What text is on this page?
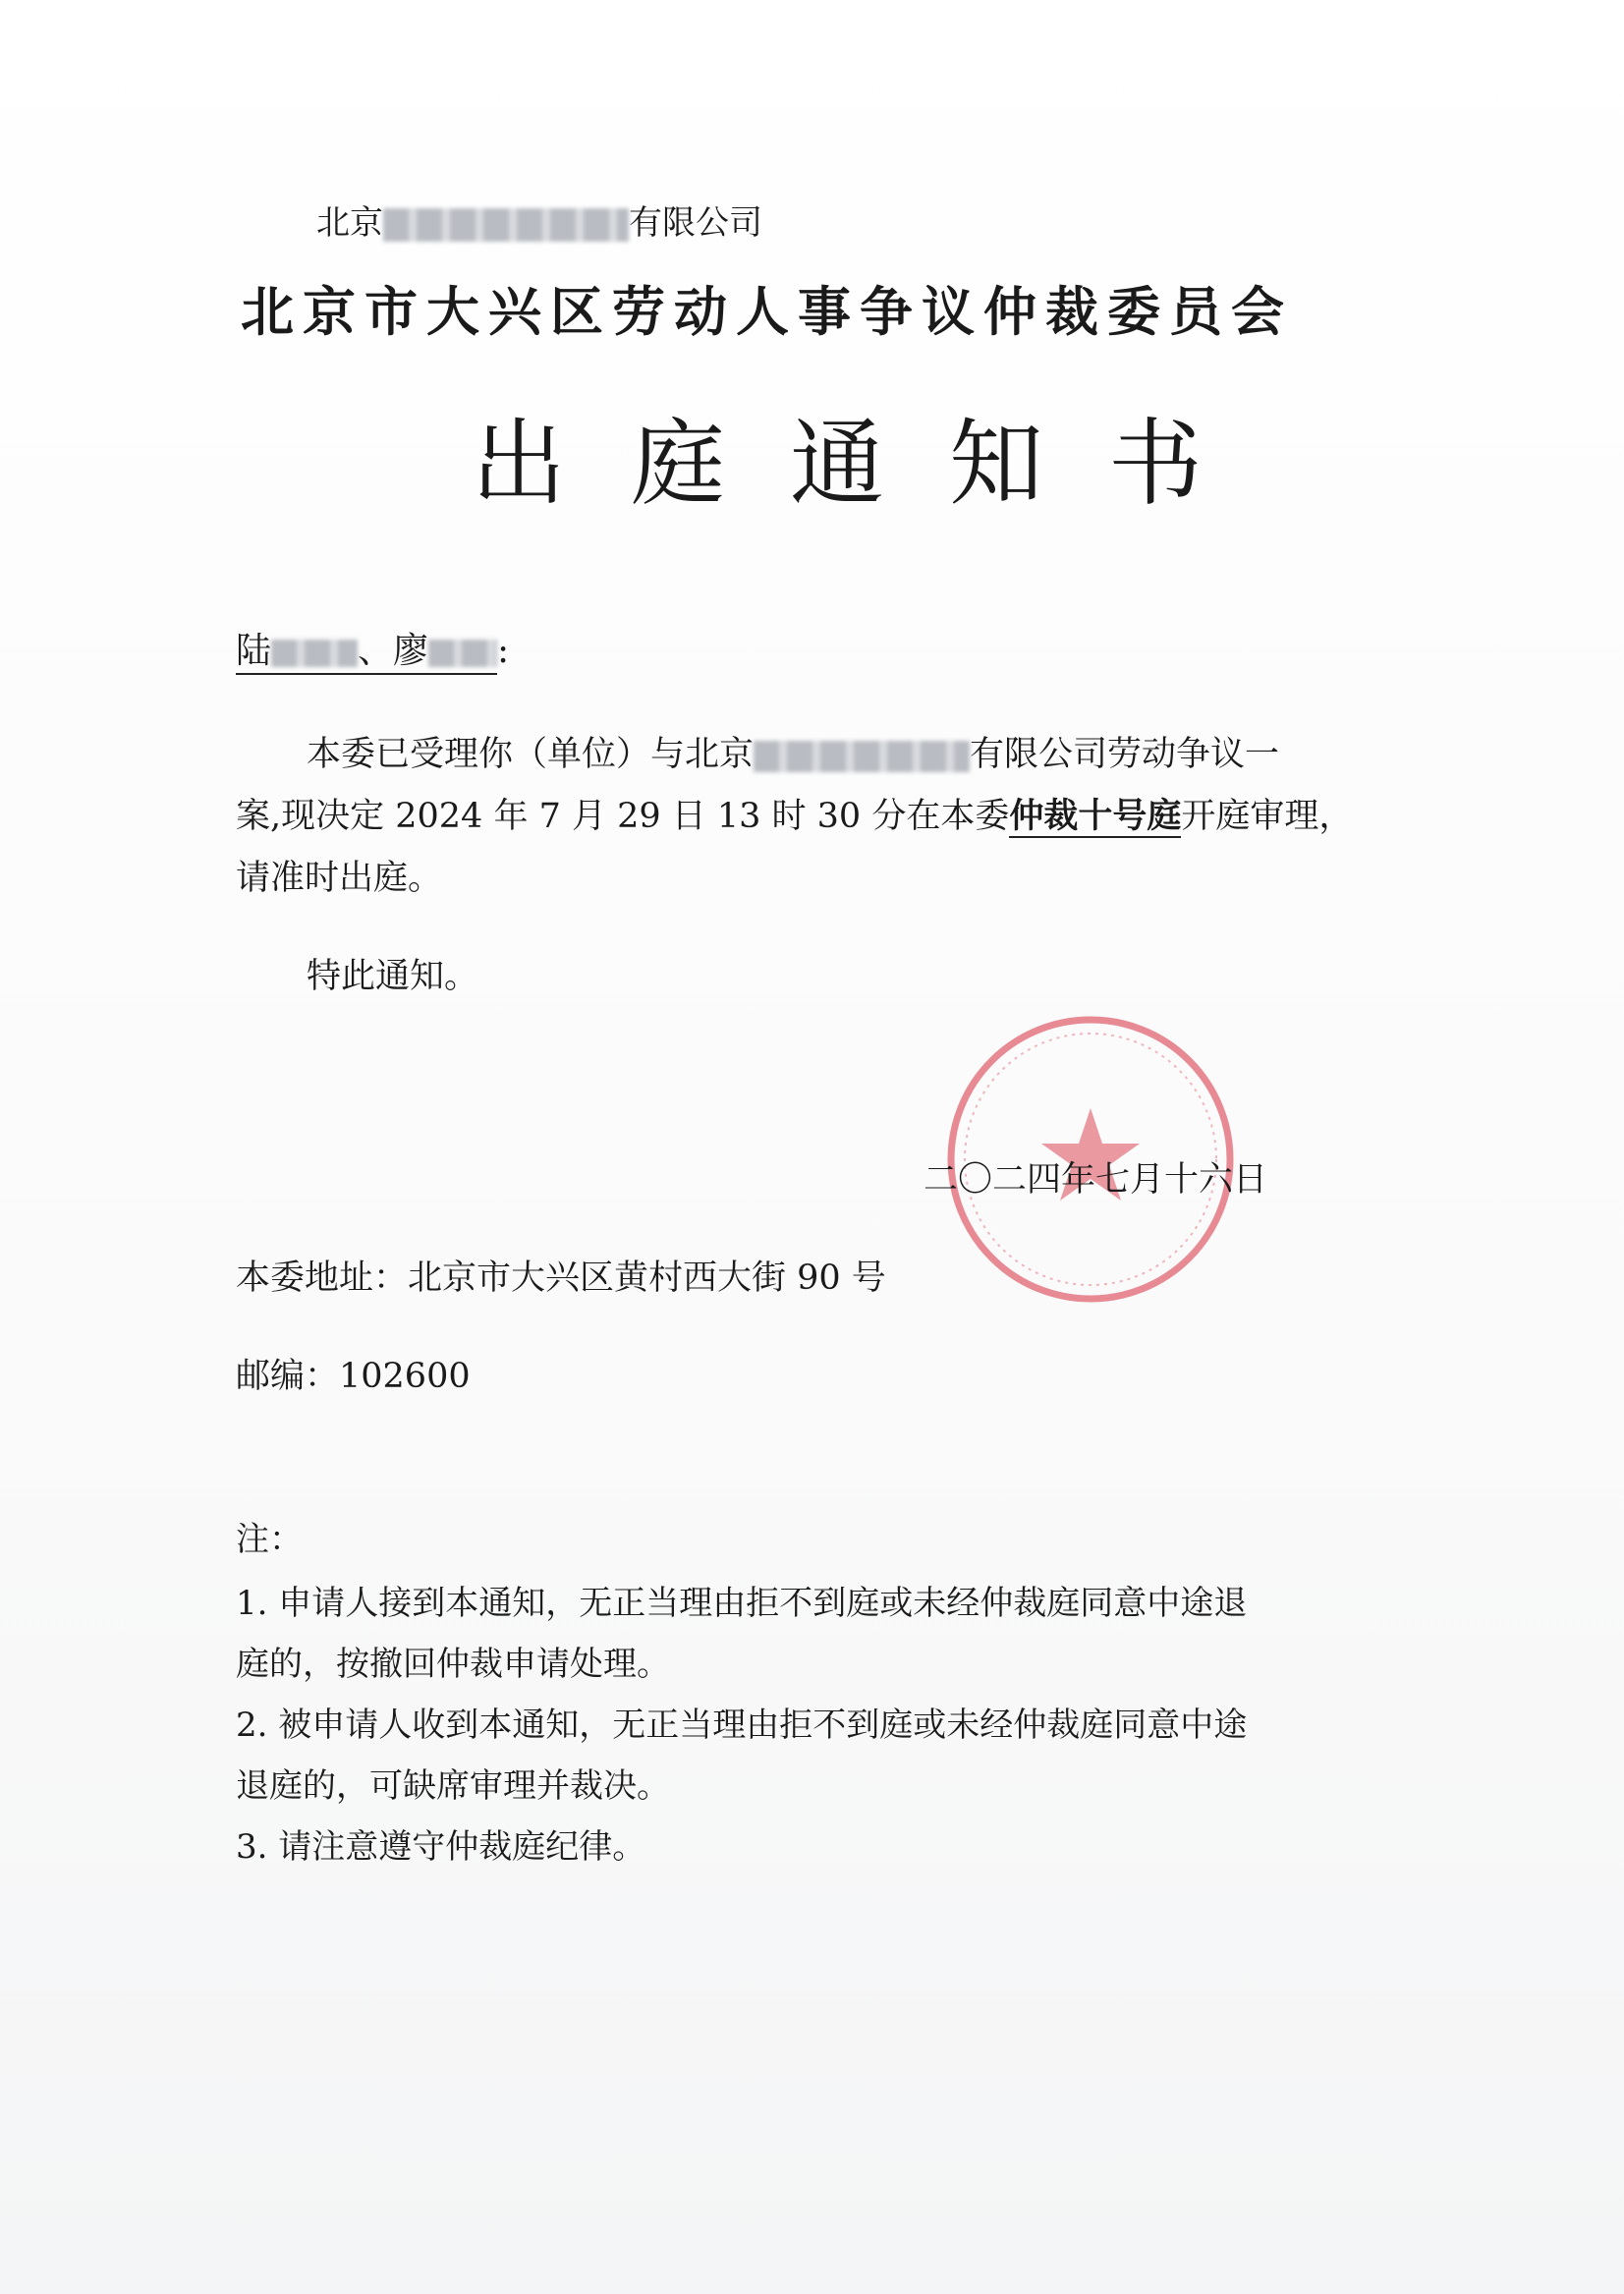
北京	有限公司
北京市大兴区劳动人事争议仲裁委员会
出庭通知书
陆 、廖 :
本委已受理你（单位）与北京	有限公司劳动争议一
案,现决定 2024 年 7 月 29 日 13 时 30 分在本委仲裁十号庭开庭审理，
请准时出庭。
特此通知。
二〇二四年七月十六日
本委地址：北京市大兴区黄村西大街 90 号
邮编：102600
注：
1. 申请人接到本通知，无正当理由拒不到庭或未经仲裁庭同意中途退
庭的，按撤回仲裁申请处理。
2. 被申请人收到本通知，无正当理由拒不到庭或未经仲裁庭同意中途
退庭的，可缺席审理并裁决。
3. 请注意遵守仲裁庭纪律。
